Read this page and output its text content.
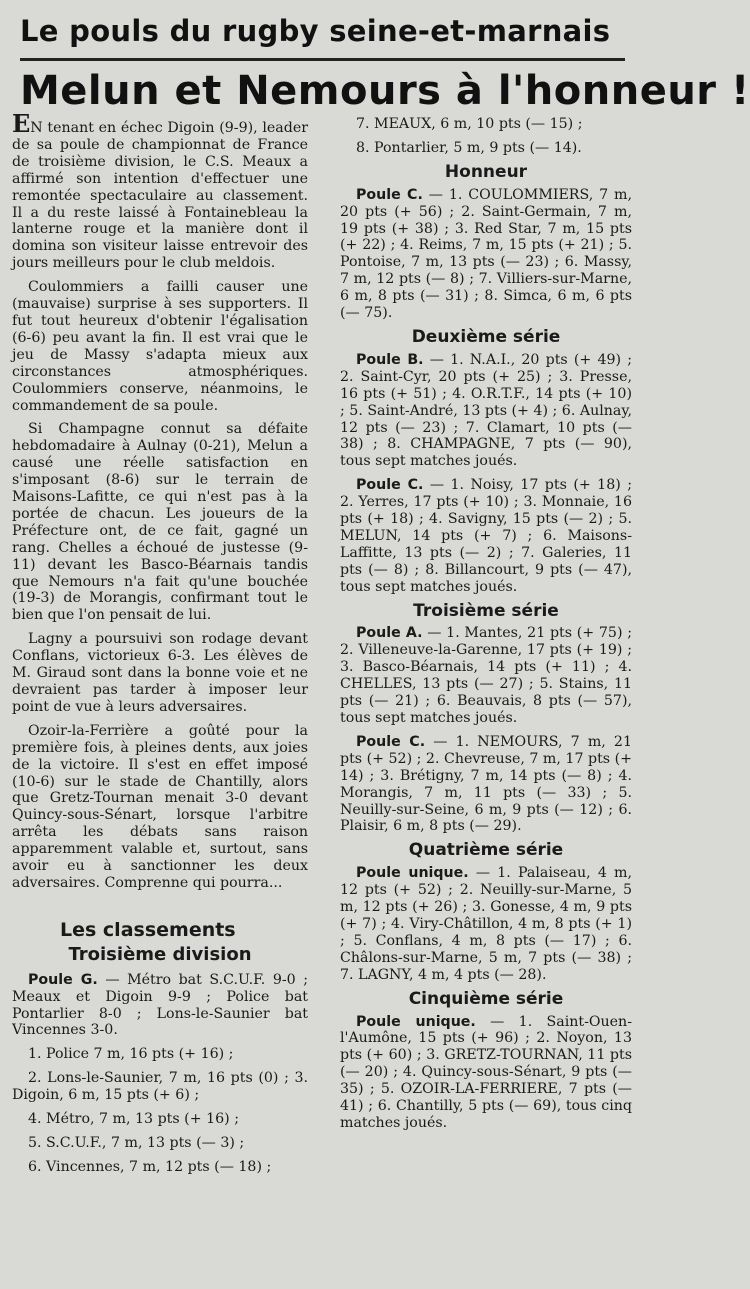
Le pouls du rugby seine-et-marnais
Melun et Nemours à l'honneur !

EN tenant en échec Digoin (9-9), leader de sa poule de championnat de France de troisième division, le C.S. Meaux a affirmé son intention d'effectuer une remontée spectaculaire au classement. Il a du reste laissé à Fontainebleau la lanterne rouge et la manière dont il domina son visiteur laisse entrevoir des jours meilleurs pour le club meldois.

Coulommiers a failli causer une (mauvaise) surprise à ses supporters. Il fut tout heureux d'obtenir l'égalisation (6-6) peu avant la fin. Il est vrai que le jeu de Massy s'adapta mieux aux circonstances atmosphériques. Coulommiers conserve, néanmoins, le commandement de sa poule.

Si Champagne connut sa défaite hebdomadaire à Aulnay (0-21), Melun a causé une réelle satisfaction en s'imposant (8-6) sur le terrain de Maisons-Lafitte, ce qui n'est pas à la portée de chacun. Les joueurs de la Préfecture ont, de ce fait, gagné un rang. Chelles a échoué de justesse (9-11) devant les Basco-Béarnais tandis que Nemours n'a fait qu'une bouchée (19-3) de Morangis, confirmant tout le bien que l'on pensait de lui.

Lagny a poursuivi son rodage devant Conflans, victorieux 6-3. Les élèves de M. Giraud sont dans la bonne voie et ne devraient pas tarder à imposer leur point de vue à leurs adversaires.

Ozoir-la-Ferrière a goûté pour la première fois, à pleines dents, aux joies de la victoire. Il s'est en effet imposé (10-6) sur le stade de Chantilly, alors que Gretz-Tournan menait 3-0 devant Quincy-sous-Sénart, lorsque l'arbitre arrêta les débats sans raison apparemment valable et, surtout, sans avoir eu à sanctionner les deux adversaires. Comprenne qui pourra...

Les classements
Troisième division

Poule G. — Métro bat S.C.U.F. 9-0 ; Meaux et Digoin 9-9 ; Police bat Pontarlier 8-0 ; Lons-le-Saunier bat Vincennes 3-0.

1. Police 7 m, 16 pts (+ 16) ;

2. Lons-le-Saunier, 7 m, 16 pts (0) ; 3. Digoin, 6 m, 15 pts (+ 6) ;

4. Métro, 7 m, 13 pts (+ 16) ;

5. S.C.U.F., 7 m, 13 pts (— 3) ;

6. Vincennes, 7 m, 12 pts (— 18) ;

7. MEAUX, 6 m, 10 pts (— 15) ;

8. Pontarlier, 5 m, 9 pts (— 14).

Honneur

Poule C. — 1. COULOMMIERS, 7 m, 20 pts (+ 56) ; 2. Saint-Germain, 7 m, 19 pts (+ 38) ; 3. Red Star, 7 m, 15 pts (+ 22) ; 4. Reims, 7 m, 15 pts (+ 21) ; 5. Pontoise, 7 m, 13 pts (— 23) ; 6. Massy, 7 m, 12 pts (— 8) ; 7. Villiers-sur-Marne, 6 m, 8 pts (— 31) ; 8. Simca, 6 m, 6 pts (— 75).

Deuxième série

Poule B. — 1. N.A.I., 20 pts (+ 49) ; 2. Saint-Cyr, 20 pts (+ 25) ; 3. Presse, 16 pts (+ 51) ; 4. O.R.T.F., 14 pts (+ 10) ; 5. Saint-André, 13 pts (+ 4) ; 6. Aulnay, 12 pts (— 23) ; 7. Clamart, 10 pts (— 38) ; 8. CHAMPAGNE, 7 pts (— 90), tous sept matches joués.

Poule C. — 1. Noisy, 17 pts (+ 18) ; 2. Yerres, 17 pts (+ 10) ; 3. Monnaie, 16 pts (+ 18) ; 4. Savigny, 15 pts (— 2) ; 5. MELUN, 14 pts (+ 7) ; 6. Maisons-Laffitte, 13 pts (— 2) ; 7. Galeries, 11 pts (— 8) ; 8. Billancourt, 9 pts (— 47), tous sept matches joués.

Troisième série

Poule A. — 1. Mantes, 21 pts (+ 75) ; 2. Villeneuve-la-Garenne, 17 pts (+ 19) ; 3. Basco-Béarnais, 14 pts (+ 11) ; 4. CHELLES, 13 pts (— 27) ; 5. Stains, 11 pts (— 21) ; 6. Beauvais, 8 pts (— 57), tous sept matches joués.

Poule C. — 1. NEMOURS, 7 m, 21 pts (+ 52) ; 2. Chevreuse, 7 m, 17 pts (+ 14) ; 3. Brétigny, 7 m, 14 pts (— 8) ; 4. Morangis, 7 m, 11 pts (— 33) ; 5. Neuilly-sur-Seine, 6 m, 9 pts (— 12) ; 6. Plaisir, 6 m, 8 pts (— 29).

Quatrième série

Poule unique. — 1. Palaiseau, 4 m, 12 pts (+ 52) ; 2. Neuilly-sur-Marne, 5 m, 12 pts (+ 26) ; 3. Gonesse, 4 m, 9 pts (+ 7) ; 4. Viry-Châtillon, 4 m, 8 pts (+ 1) ; 5. Conflans, 4 m, 8 pts (— 17) ; 6. Châlons-sur-Marne, 5 m, 7 pts (— 38) ; 7. LAGNY, 4 m, 4 pts (— 28).

Cinquième série

Poule unique. — 1. Saint-Ouen-l'Aumône, 15 pts (+ 96) ; 2. Noyon, 13 pts (+ 60) ; 3. GRETZ-TOURNAN, 11 pts (— 20) ; 4. Quincy-sous-Sénart, 9 pts (— 35) ; 5. OZOIR-LA-FERRIERE, 7 pts (— 41) ; 6. Chantilly, 5 pts (— 69), tous cinq matches joués.
